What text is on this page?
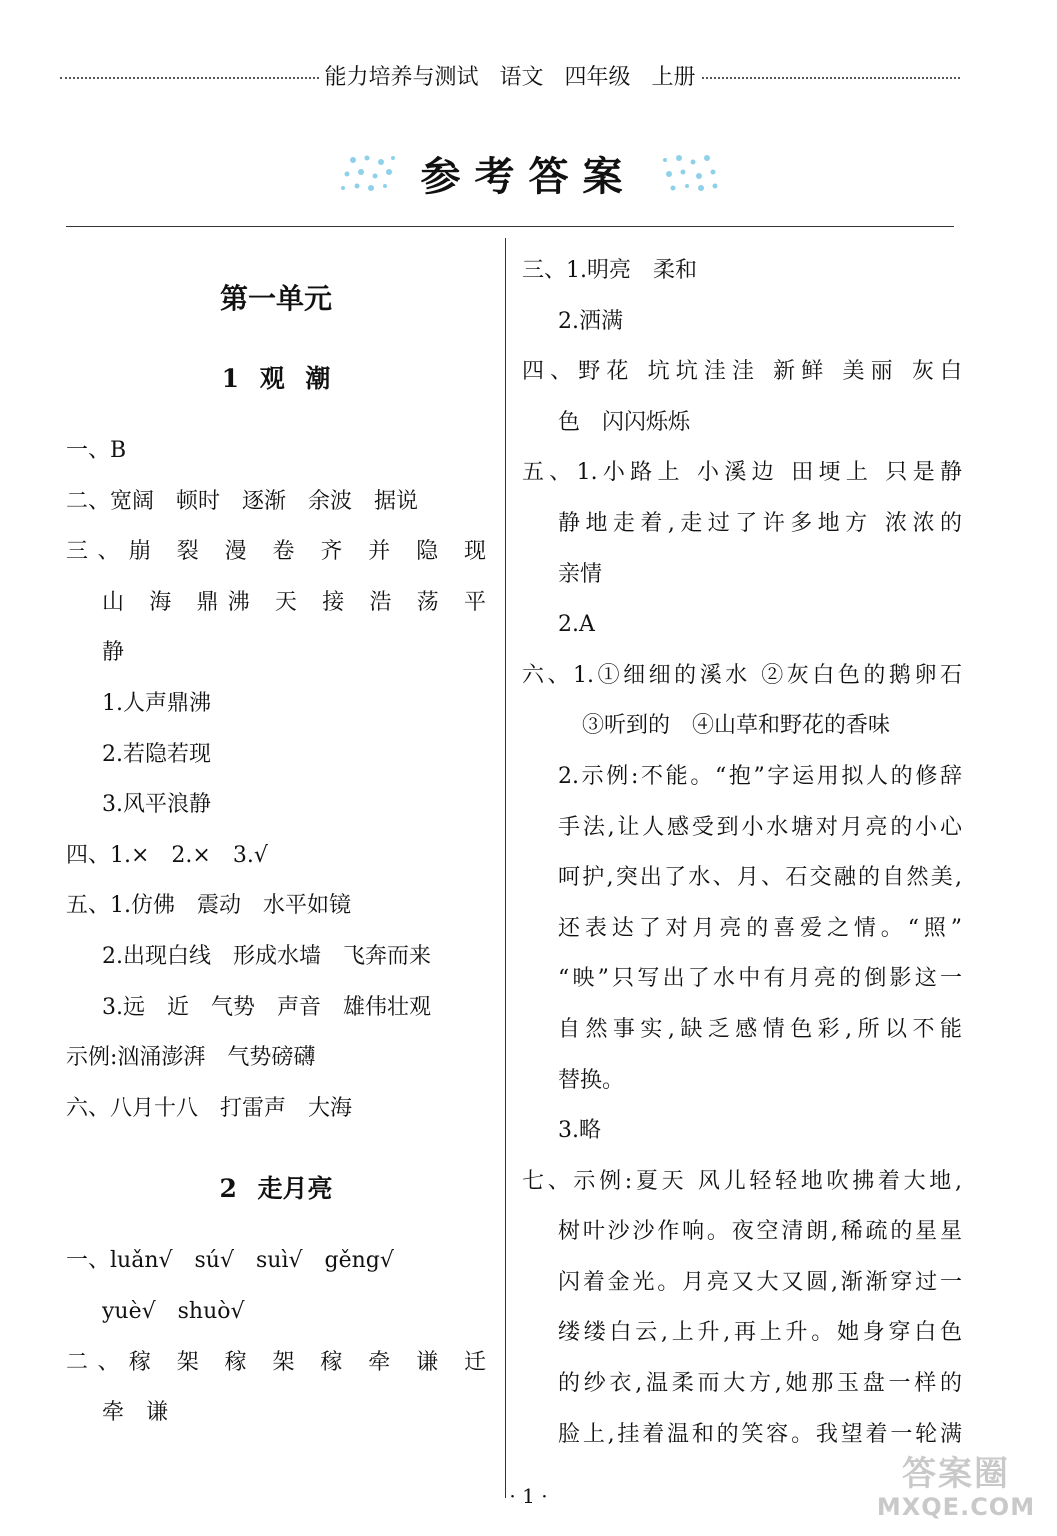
能力培养与测试 语文 四年级 上册
参考答案
第一单元
1 观 潮
一、B
二、宽阔　顿时　逐渐　余波　据说
三、崩 裂 漫 卷 齐 并 隐 现
山 海 鼎沸 天 接 浩 荡 平
静
1.人声鼎沸
2.若隐若现
3.风平浪静
四、1.×　2.×　3.√
五、1.仿佛　震动　水平如镜
2.出现白线　形成水墙　飞奔而来
3.远　近　气势　声音　雄伟壮观
示例:汹涌澎湃　气势磅礴
六、八月十八　打雷声　大海
2 走月亮
一、luǎn√　sú√　suì√　gěng√
yuè√　shuò√
二、稼 架 稼 架 稼 牵 谦 迁
牵　谦
三、1.明亮　柔和
2.洒满
四、野花 坑坑洼洼 新鲜 美丽 灰白
色　闪闪烁烁
五、1.小路上 小溪边 田埂上 只是静
静地走着,走过了许多地方 浓浓的
亲情
2.A
六、1.①细细的溪水 ②灰白色的鹅卵石
③听到的　④山草和野花的香味
2.示例:不能。“抱”字运用拟人的修辞
手法,让人感受到小水塘对月亮的小心
呵护,突出了水、月、石交融的自然美,
还表达了对月亮的喜爱之情。“照”
“映”只写出了水中有月亮的倒影这一
自然事实,缺乏感情色彩,所以不能
替换。
3.略
七、示例:夏天 风儿轻轻地吹拂着大地,
树叶沙沙作响。夜空清朗,稀疏的星星
闪着金光。月亮又大又圆,渐渐穿过一
缕缕白云,上升,再上升。她身穿白色
的纱衣,温柔而大方,她那玉盘一样的
脸上,挂着温和的笑容。我望着一轮满
· 1 ·
答案圈
MXQE.COM
